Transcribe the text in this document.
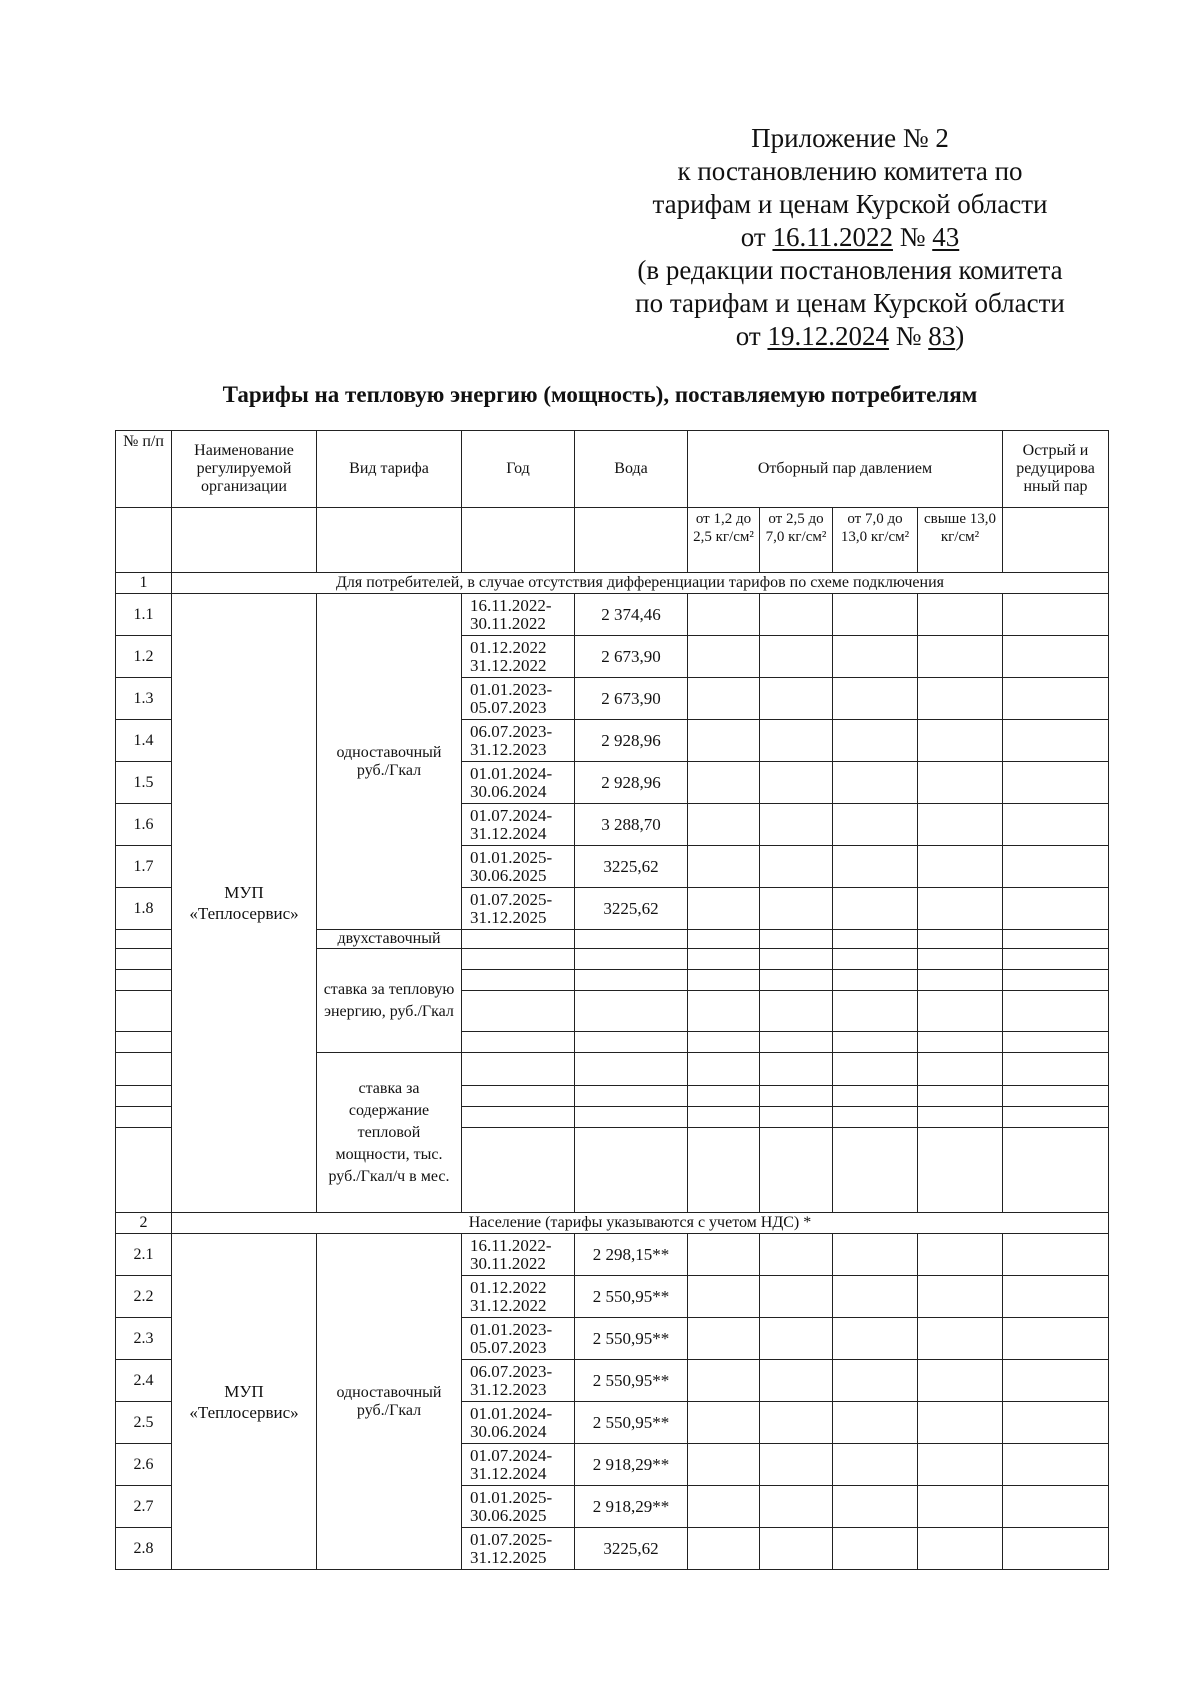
Приложение № 2
к постановлению комитета по
тарифам и ценам Курской области
от 16.11.2022 № 43
(в редакции постановления комитета
по тарифам и ценам Курской области
от 19.12.2024 № 83)
Тарифы на тепловую энергию (мощность), поставляемую потребителям
№ п/п	Наименование регулируемой организации	Вид тарифа	Год	Вода	Отборный пар давлением				Острый и редуцирова нный пар
					от 1,2 до 2,5 кг/см²	от 2,5 до 7,0 кг/см²	от 7,0 до 13,0 кг/см²	свыше 13,0 кг/см²	
1	Для потребителей, в случае отсутствия дифференциации тарифов по схеме подключения								
1.1	МУП «Теплосервис»	одноставочный руб./Гкал	16.11.2022- 30.11.2022	2 374,46					
1.2			01.12.2022 31.12.2022	2 673,90					
1.3			01.01.2023- 05.07.2023	2 673,90					
1.4			06.07.2023- 31.12.2023	2 928,96					
1.5			01.01.2024- 30.06.2024	2 928,96					
1.6			01.07.2024- 31.12.2024	3 288,70					
1.7			01.01.2025- 30.06.2025	3225,62					
1.8			01.07.2025- 31.12.2025	3225,62					
		двухставочный							
		ставка за тепловую энергию, руб./Гкал							

		ставка за содержание тепловой мощности, тыс. руб./Гкал/ч в мес.							

2	Население (тарифы указываются с учетом НДС) *								
2.1	МУП «Теплосервис»	одноставочный руб./Гкал	16.11.2022- 30.11.2022	2 298,15**					
2.2			01.12.2022 31.12.2022	2 550,95**					
2.3			01.01.2023- 05.07.2023	2 550,95**					
2.4			06.07.2023- 31.12.2023	2 550,95**					
2.5			01.01.2024- 30.06.2024	2 550,95**					
2.6			01.07.2024- 31.12.2024	2 918,29**					
2.7			01.01.2025- 30.06.2025	2 918,29**					
2.8			01.07.2025- 31.12.2025	3225,62					
